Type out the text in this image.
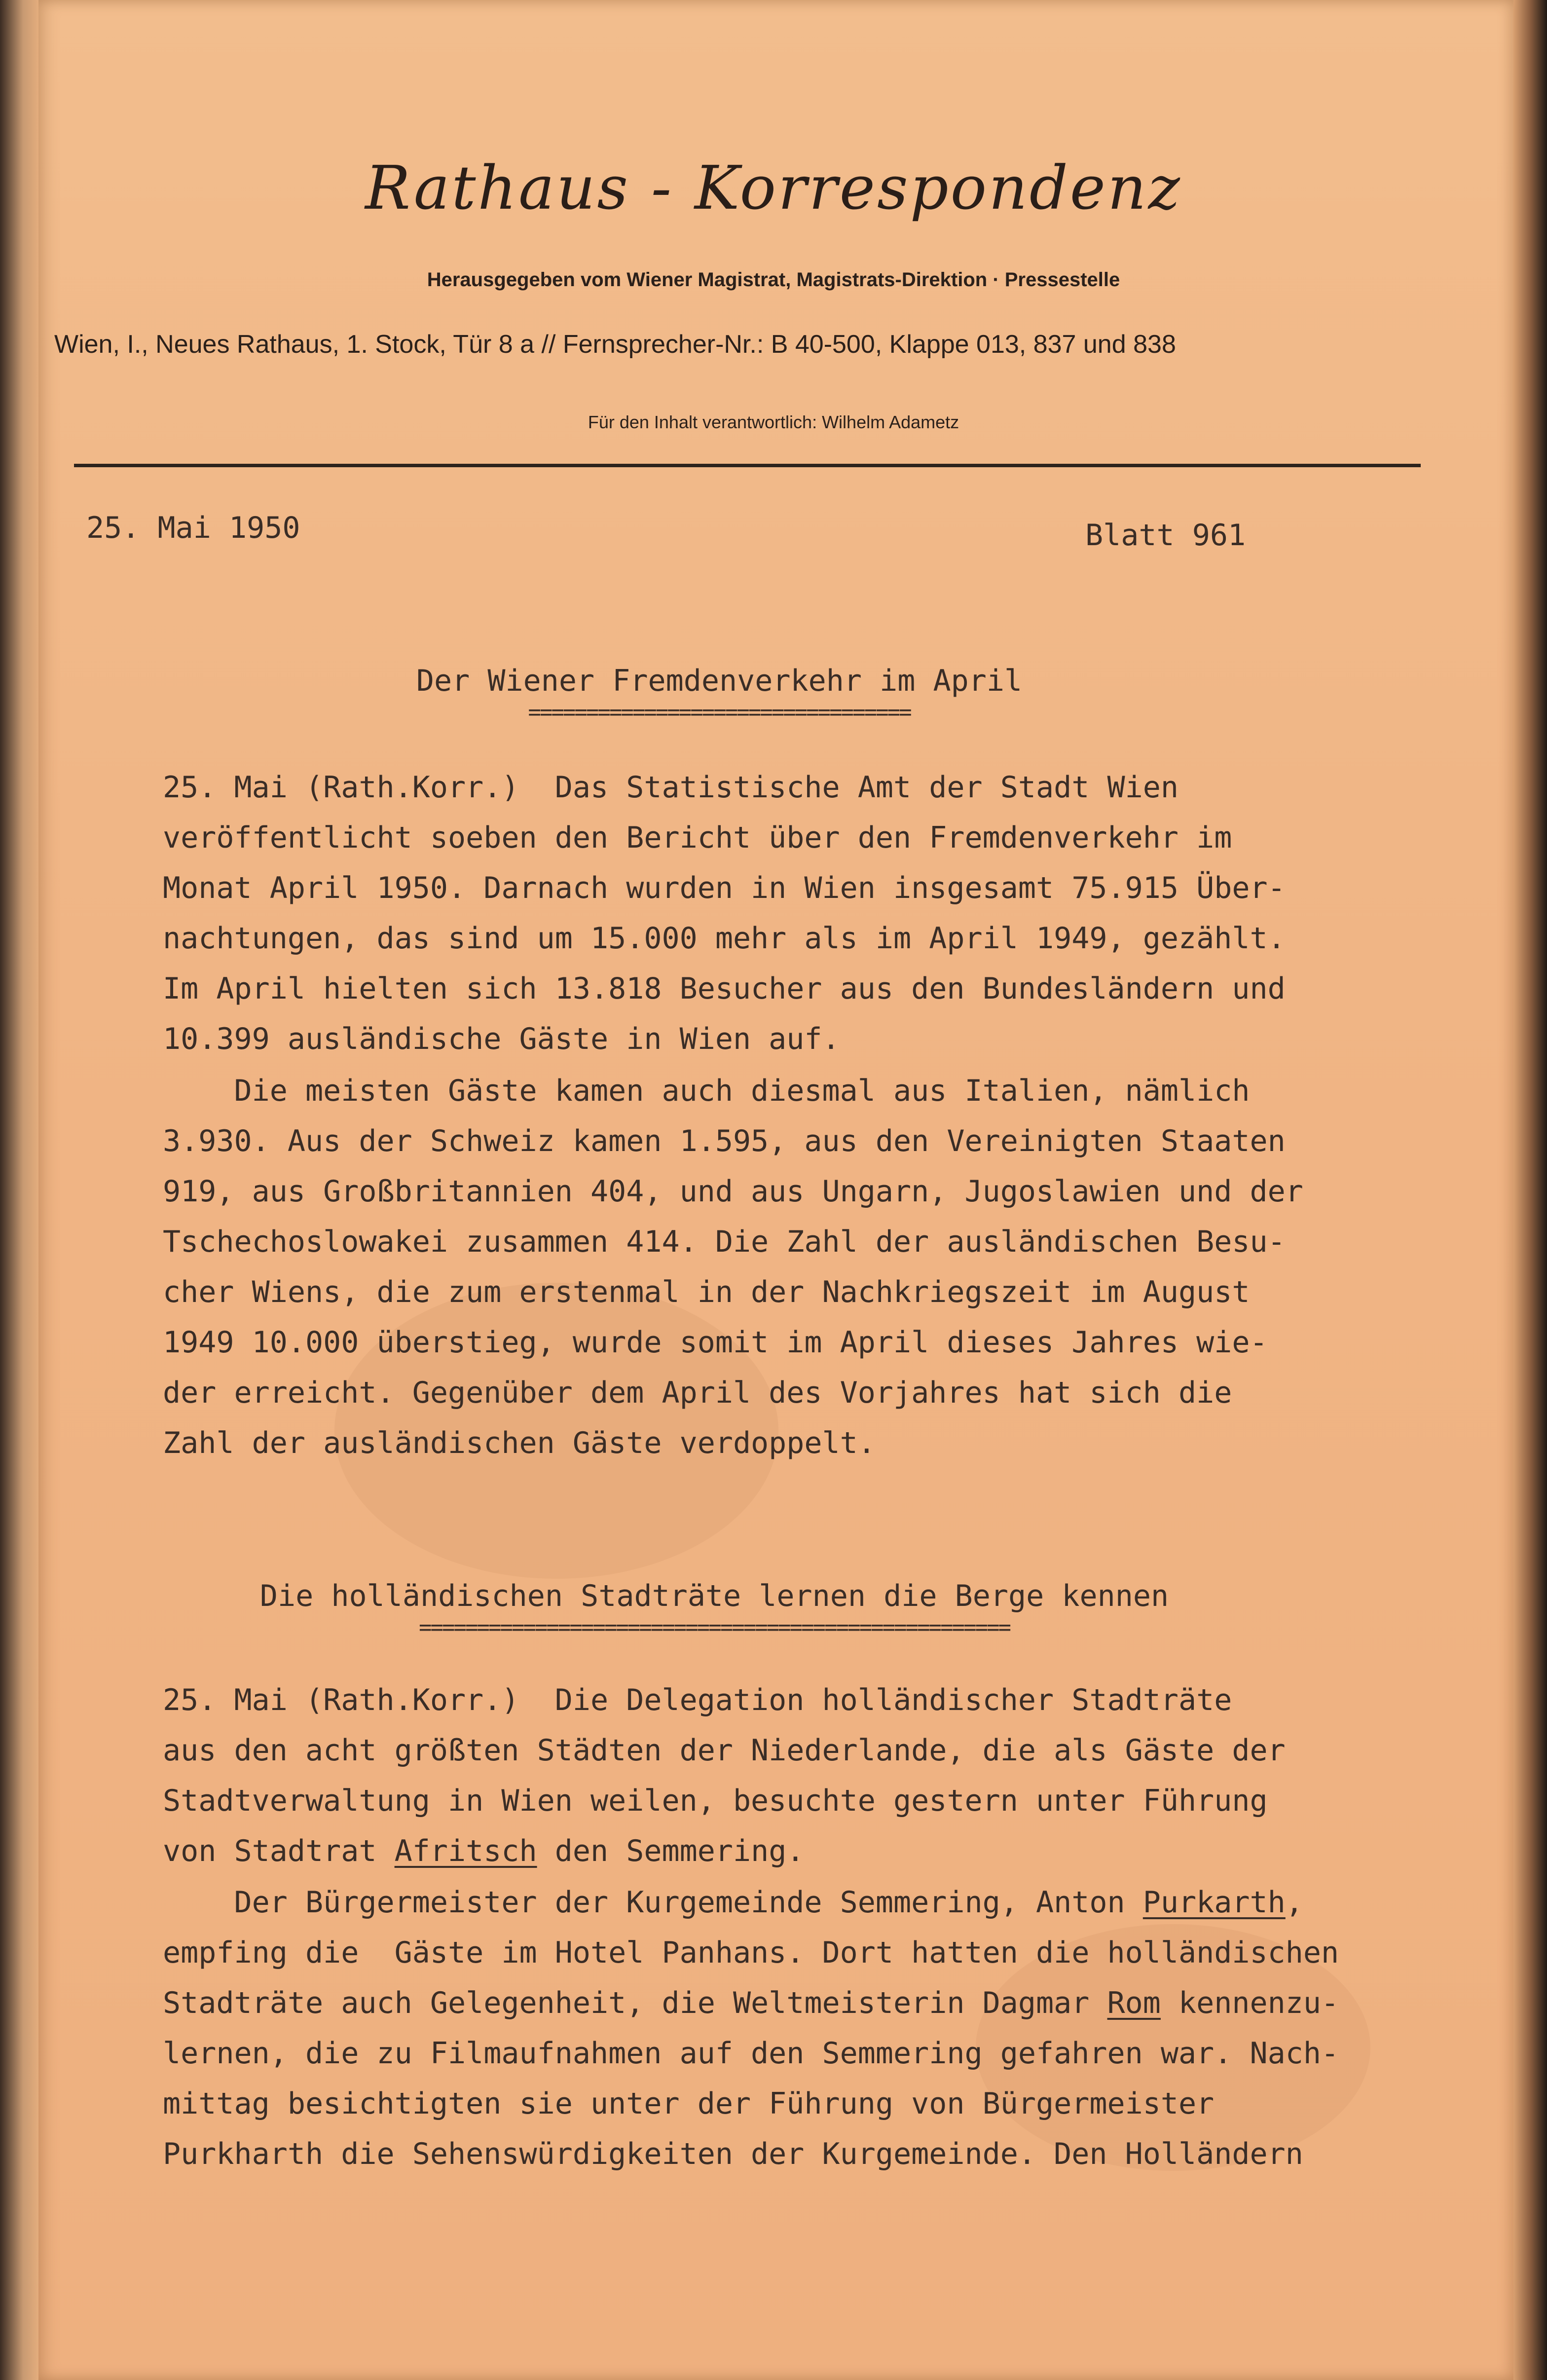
Rathaus - Korrespondenz
Herausgegeben vom Wiener Magistrat, Magistrats-Direktion · Pressestelle
Wien, I., Neues Rathaus, 1. Stock, Tür 8 a // Fernsprecher-Nr.: B 40-500, Klappe 013, 837 und 838
Für den Inhalt verantwortlich: Wilhelm Adametz
25. Mai 1950	Blatt 961
Der Wiener Fremdenverkehr im April
=================================
25. Mai (Rath.Korr.)  Das Statistische Amt der Stadt Wien
veröffentlicht soeben den Bericht über den Fremdenverkehr im
Monat April 1950. Darnach wurden in Wien insgesamt 75.915 Über-
nachtungen, das sind um 15.000 mehr als im April 1949, gezählt.
Im April hielten sich 13.818 Besucher aus den Bundesländern und
10.399 ausländische Gäste in Wien auf.
Die meisten Gäste kamen auch diesmal aus Italien, nämlich
3.930. Aus der Schweiz kamen 1.595, aus den Vereinigten Staaten
919, aus Großbritannien 404, und aus Ungarn, Jugoslawien und der
Tschechoslowakei zusammen 414. Die Zahl der ausländischen Besu-
cher Wiens, die zum erstenmal in der Nachkriegszeit im August
1949 10.000 überstieg, wurde somit im April dieses Jahres wie-
der erreicht. Gegenüber dem April des Vorjahres hat sich die
Zahl der ausländischen Gäste verdoppelt.
Die holländischen Stadträte lernen die Berge kennen
===================================================
25. Mai (Rath.Korr.)  Die Delegation holländischer Stadträte
aus den acht größten Städten der Niederlande, die als Gäste der
Stadtverwaltung in Wien weilen, besuchte gestern unter Führung
von Stadtrat Afritsch den Semmering.
Der Bürgermeister der Kurgemeinde Semmering, Anton Purkarth,
empfing die  Gäste im Hotel Panhans. Dort hatten die holländischen
Stadträte auch Gelegenheit, die Weltmeisterin Dagmar Rom kennenzu-
lernen, die zu Filmaufnahmen auf den Semmering gefahren war. Nach-
mittag besichtigten sie unter der Führung von Bürgermeister
Purkharth die Sehenswürdigkeiten der Kurgemeinde. Den Holländern
